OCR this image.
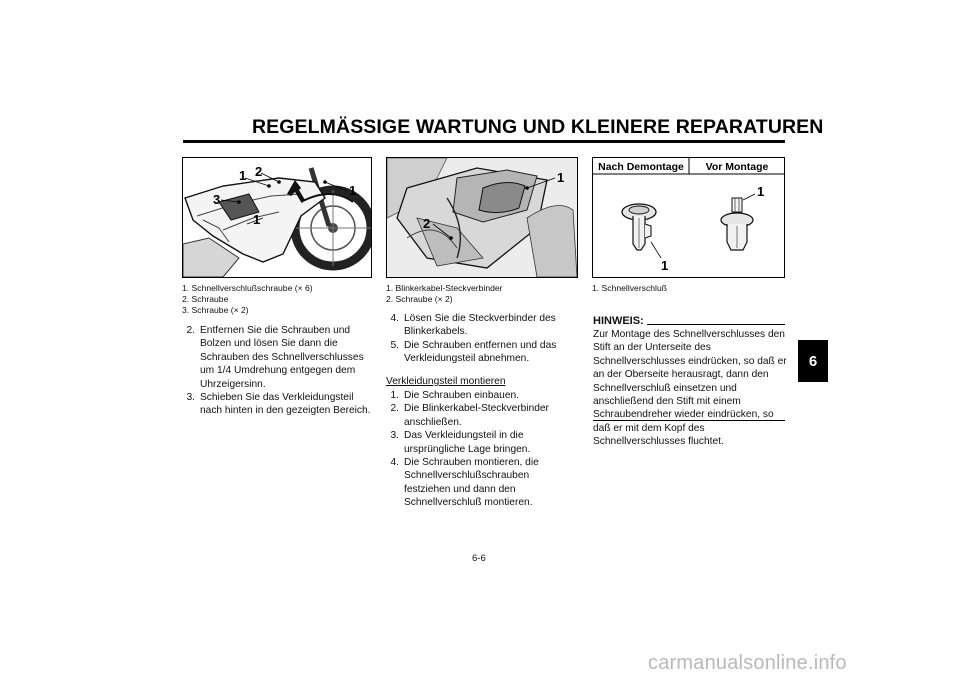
REGELMÄSSIGE WARTUNG UND KLEINERE REPARATUREN
6
1 2
3
1
1
1. Schnellverschlußschraube (× 6)
2. Schraube
3. Schraube (× 2)
2. Entfernen Sie die Schrauben und Bolzen und lösen Sie dann die Schrauben des Schnellverschlusses um 1/4 Umdrehung entgegen dem Uhrzeigersinn.
3. Schieben Sie das Verkleidungsteil nach hinten in den gezeigten Bereich.
1
2
1. Blinkerkabel-Steckverbinder
2. Schraube (× 2)
4. Lösen Sie die Steckverbinder des Blinkerkabels.
5. Die Schrauben entfernen und das Verkleidungsteil abnehmen.
Verkleidungsteil montieren
1. Die Schrauben einbauen.
2. Die Blinkerkabel-Steckverbinder anschließen.
3. Das Verkleidungsteil in die ursprüngliche Lage bringen.
4. Die Schrauben montieren, die Schnellverschlußschrauben festziehen und dann den Schnellverschluß montieren.
Nach Demontage Vor Montage
1
1
1. Schnellverschluß
HINWEIS:
Zur Montage des Schnellverschlusses den Stift an der Unterseite des Schnellverschlusses eindrücken, so daß er an der Oberseite herausragt, dann den Schnellverschluß einsetzen und anschließend den Stift mit einem Schraubendreher wieder eindrücken, so daß er mit dem Kopf des Schnellverschlusses fluchtet.
6-6
carmanualsonline.info
